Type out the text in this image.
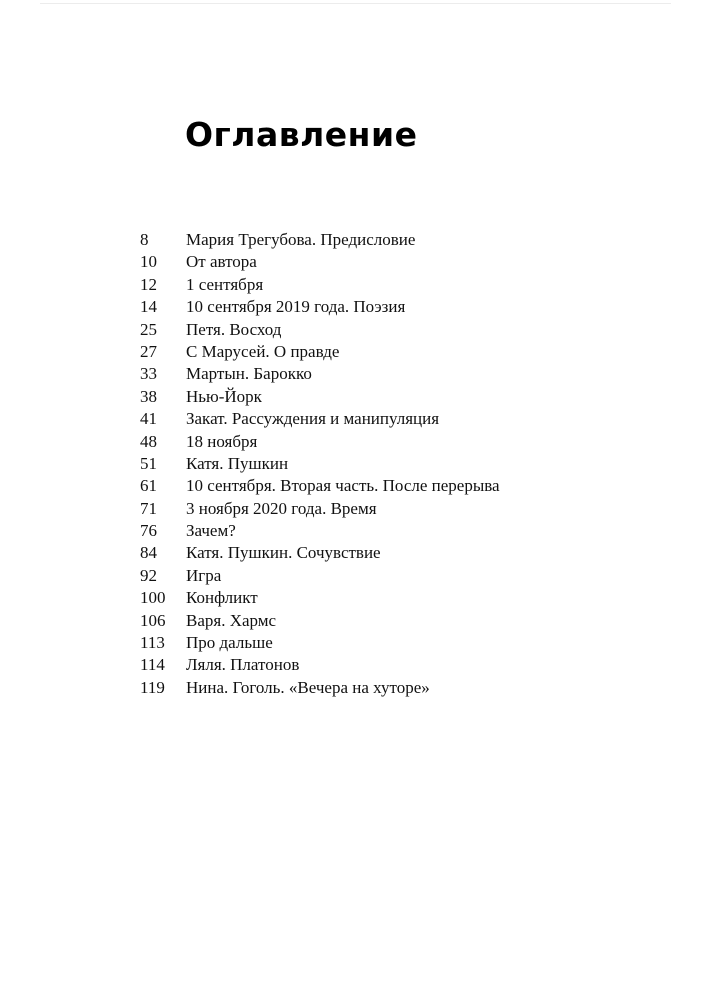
Оглавление
8 Мария Трегубова. Предисловие
10 От автора
12 1 сентября
14 10 сентября 2019 года. Поэзия
25 Петя. Восход
27 С Марусей. О правде
33 Мартын. Барокко
38 Нью-Йорк
41 Закат. Рассуждения и манипуляция
48 18 ноября
51 Катя. Пушкин
61 10 сентября. Вторая часть. После перерыва
71 3 ноября 2020 года. Время
76 Зачем?
84 Катя. Пушкин. Сочувствие
92 Игра
100 Конфликт
106 Варя. Хармс
113 Про дальше
114 Ляля. Платонов
119 Нина. Гоголь. «Вечера на хуторе»
